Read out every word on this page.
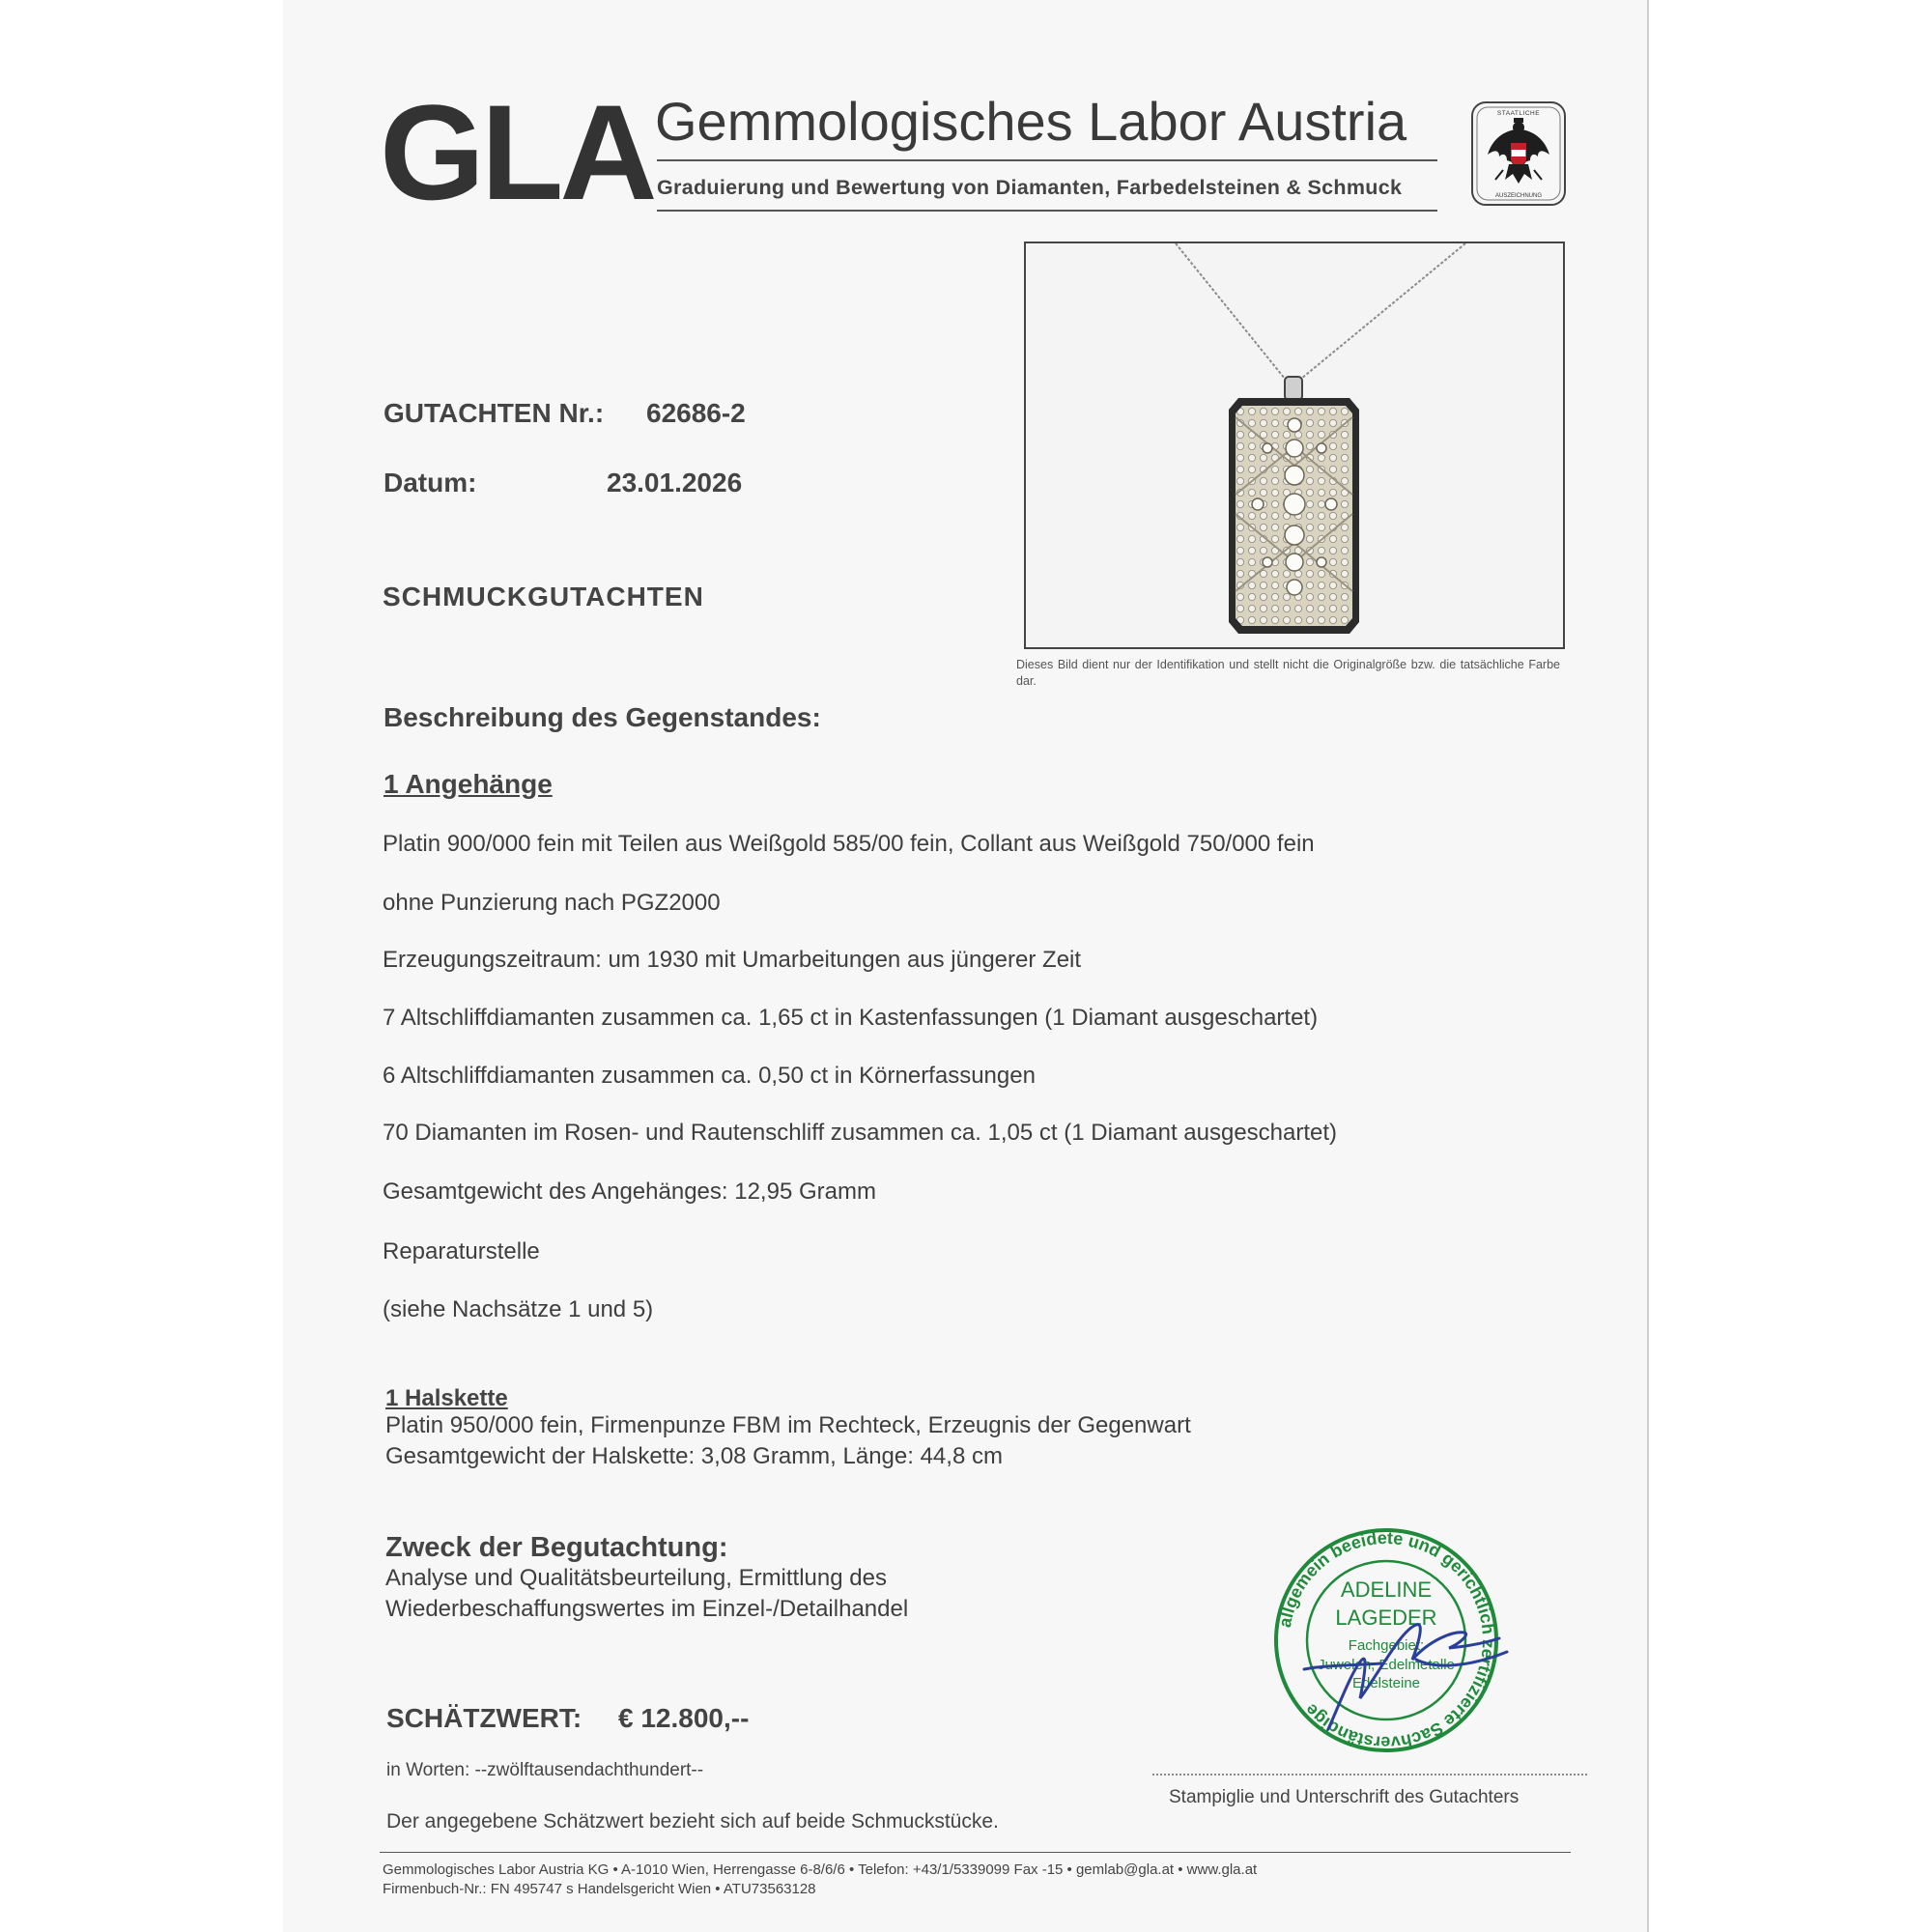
GLA Gemmologisches Labor Austria
Graduierung und Bewertung von Diamanten, Farbedelsteinen & Schmuck
STAATLICHE
AUSZEICHNUNG
Dieses Bild dient nur der Identifikation und stellt nicht die Originalgröße bzw. die tatsächliche Farbe dar.
GUTACHTEN Nr.: 62686-2
Datum:	23.01.2026
SCHMUCKGUTACHTEN
Beschreibung des Gegenstandes:
1 Angehänge
Platin 900/000 fein mit Teilen aus Weißgold 585/00 fein, Collant aus Weißgold 750/000 fein
ohne Punzierung nach PGZ2000
Erzeugungszeitraum: um 1930 mit Umarbeitungen aus jüngerer Zeit
7 Altschliffdiamanten zusammen ca. 1,65 ct in Kastenfassungen (1 Diamant ausgeschartet)
6 Altschliffdiamanten zusammen ca. 0,50 ct in Körnerfassungen
70 Diamanten im Rosen- und Rautenschliff zusammen ca. 1,05 ct (1 Diamant ausgeschartet)
Gesamtgewicht des Angehänges: 12,95 Gramm
Reparaturstelle
(siehe Nachsätze 1 und 5)
1 Halskette
Platin 950/000 fein, Firmenpunze FBM im Rechteck, Erzeugnis der Gegenwart
Gesamtgewicht der Halskette: 3,08 Gramm, Länge: 44,8 cm
Zweck der Begutachtung:
Analyse und Qualitätsbeurteilung, Ermittlung des
Wiederbeschaffungswertes im Einzel-/Detailhandel
SCHÄTZWERT: € 12.800,--
in Worten: --zwölftausendachthundert--
Der angegebene Schätzwert bezieht sich auf beide Schmuckstücke.
allgemein beeidete und gerichtlich zertifizierte Sachverständige
ADELINE
LAGEDER
Fachgebiet:
Juwelen, Edelmetalle
Edelsteine
Stampiglie und Unterschrift des Gutachters
Gemmologisches Labor Austria KG • A-1010 Wien, Herrengasse 6-8/6/6 • Telefon: +43/1/5339099 Fax -15 • gemlab@gla.at • www.gla.at
Firmenbuch-Nr.: FN 495747 s Handelsgericht Wien • ATU73563128
